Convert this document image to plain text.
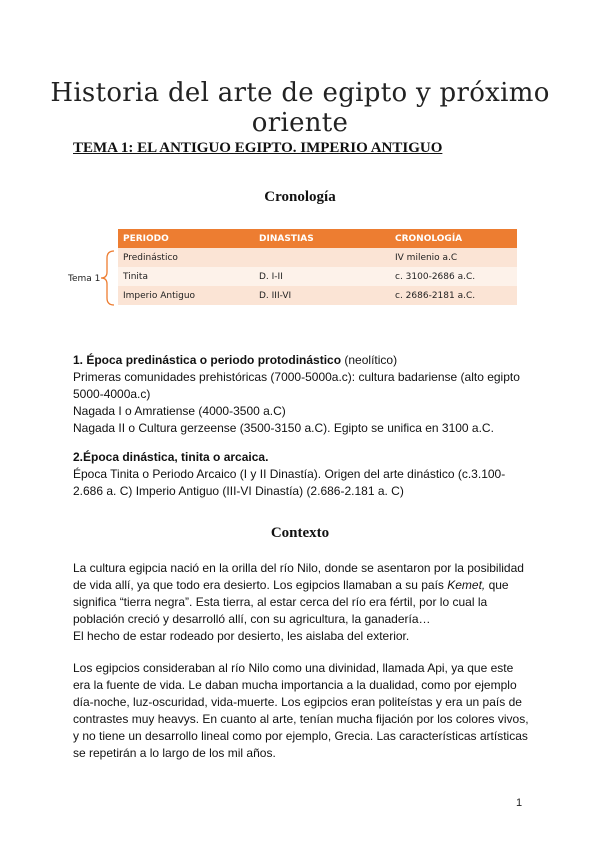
Historia del arte de egipto y próximo oriente
TEMA 1: EL ANTIGUO EGIPTO. IMPERIO ANTIGUO
Cronología
Tema 1
PERIODO	DINASTIAS	CRONOLOGÍA
Predinástico		IV milenio a.C
Tinita	D. I-II	c. 3100-2686 a.C.
Imperio Antiguo	D. III-VI	c. 2686-2181 a.C.

1. Época predinástica o periodo protodinástico (neolítico)

Primeras comunidades prehistóricas (7000-5000a.c): cultura badariense (alto egipto 5000-4000a.c)

Nagada I o Amratiense (4000-3500 a.C)

Nagada II o Cultura gerzeense (3500-3150 a.C). Egipto se unifica en 3100 a.C.

2.Época dinástica, tinita o arcaica.

Época Tinita o Periodo Arcaico (I y II Dinastía). Origen del arte dinástico (c.3.100-2.686 a. C) Imperio Antiguo (III-VI Dinastía) (2.686-2.181 a. C)

Contexto

La cultura egipcia nació en la orilla del río Nilo, donde se asentaron por la posibilidad de vida allí, ya que todo era desierto. Los egipcios llamaban a su país Kemet, que significa “tierra negra”. Esta tierra, al estar cerca del río era fértil, por lo cual la población creció y desarrolló allí, con su agricultura, la ganadería…

El hecho de estar rodeado por desierto, les aislaba del exterior.

Los egipcios consideraban al río Nilo como una divinidad, llamada Api, ya que este era la fuente de vida. Le daban mucha importancia a la dualidad, como por ejemplo día-noche, luz-oscuridad, vida-muerte. Los egipcios eran politeístas y era un país de contrastes muy heavys. En cuanto al arte, tenían mucha fijación por los colores vivos, y no tiene un desarrollo lineal como por ejemplo, Grecia. Las características artísticas se repetirán a lo largo de los mil años.

1
